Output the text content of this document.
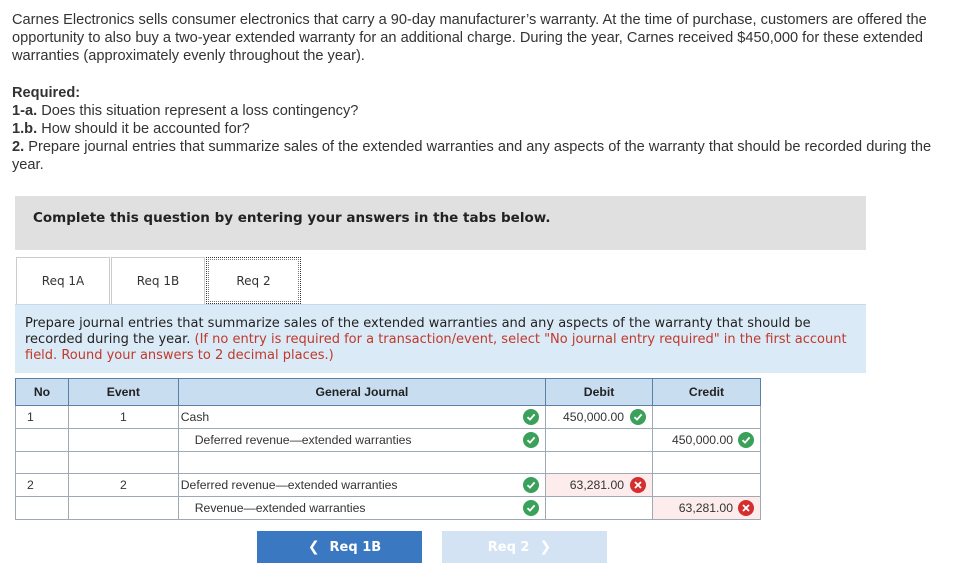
Carnes Electronics sells consumer electronics that carry a 90-day manufacturer’s warranty. At the time of purchase, customers are offered the opportunity to also buy a two-year extended warranty for an additional charge. During the year, Carnes received $450,000 for these extended warranties (approximately evenly throughout the year).
Required:
1-a. Does this situation represent a loss contingency?
1.b. How should it be accounted for?
2. Prepare journal entries that summarize sales of the extended warranties and any aspects of the warranty that should be recorded during the year.
Complete this question by entering your answers in the tabs below.
Req 1A	Req 1B	Req 2
Prepare journal entries that summarize sales of the extended warranties and any aspects of the warranty that should be recorded during the year. (If no entry is required for a transaction/event, select "No journal entry required" in the first account field. Round your answers to 2 decimal places.)
No	Event	General Journal	Debit	Credit
1	1	Cash	450,000.00

		Deferred revenue—extended warranties		450,000.00

2	2	Deferred revenue—extended warranties	63,281.00

		Revenue—extended warranties		63,281.00
❮ Req 1B	Req 2 ❯
